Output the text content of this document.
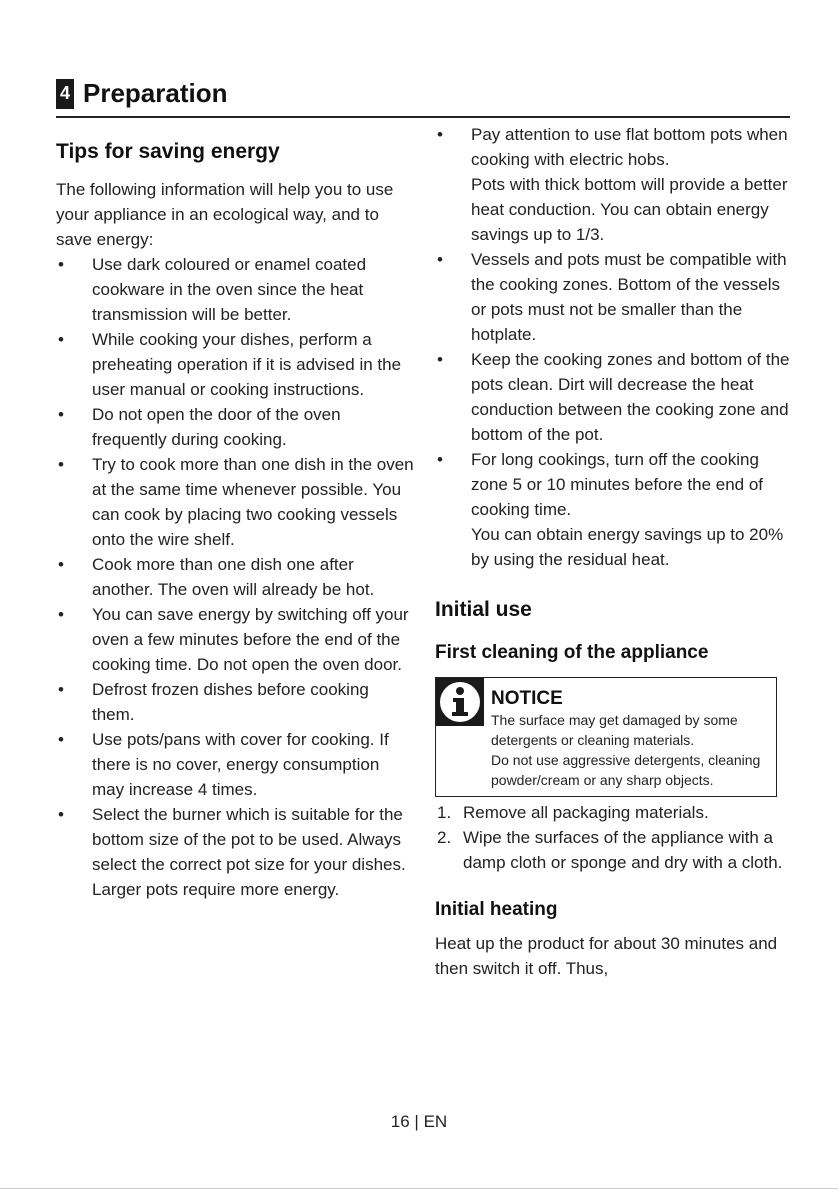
4 Preparation
Tips for saving energy

The following information will help you to use your appliance in an ecological way, and to save energy:

• Use dark coloured or enamel coated cookware in the oven since the heat transmission will be better.
• While cooking your dishes, perform a preheating operation if it is advised in the user manual or cooking instructions.
• Do not open the door of the oven frequently during cooking.
• Try to cook more than one dish in the oven at the same time whenever possible. You can cook by placing two cooking vessels onto the wire shelf.
• Cook more than one dish one after another. The oven will already be hot.
• You can save energy by switching off your oven a few minutes before the end of the cooking time. Do not open the oven door.
• Defrost frozen dishes before cooking them.
• Use pots/pans with cover for cooking. If there is no cover, energy consumption may increase 4 times.
• Select the burner which is suitable for the bottom size of the pot to be used. Always select the correct pot size for your dishes. Larger pots require more energy.
• Pay attention to use flat bottom pots when cooking with electric hobs.
Pots with thick bottom will provide a better heat conduction. You can obtain energy savings up to 1/3.
• Vessels and pots must be compatible with the cooking zones. Bottom of the vessels or pots must not be smaller than the hotplate.
• Keep the cooking zones and bottom of the pots clean. Dirt will decrease the heat conduction between the cooking zone and bottom of the pot.
• For long cookings, turn off the cooking zone 5 or 10 minutes before the end of cooking time.
You can obtain energy savings up to 20% by using the residual heat.
Initial use
First cleaning of the appliance
NOTICE
The surface may get damaged by some detergents or cleaning materials.
Do not use aggressive detergents, cleaning powder/cream or any sharp objects.
1. Remove all packaging materials.
2. Wipe the surfaces of the appliance with a damp cloth or sponge and dry with a cloth.
Initial heating

Heat up the product for about 30 minutes and then switch it off. Thus,

16 | EN
